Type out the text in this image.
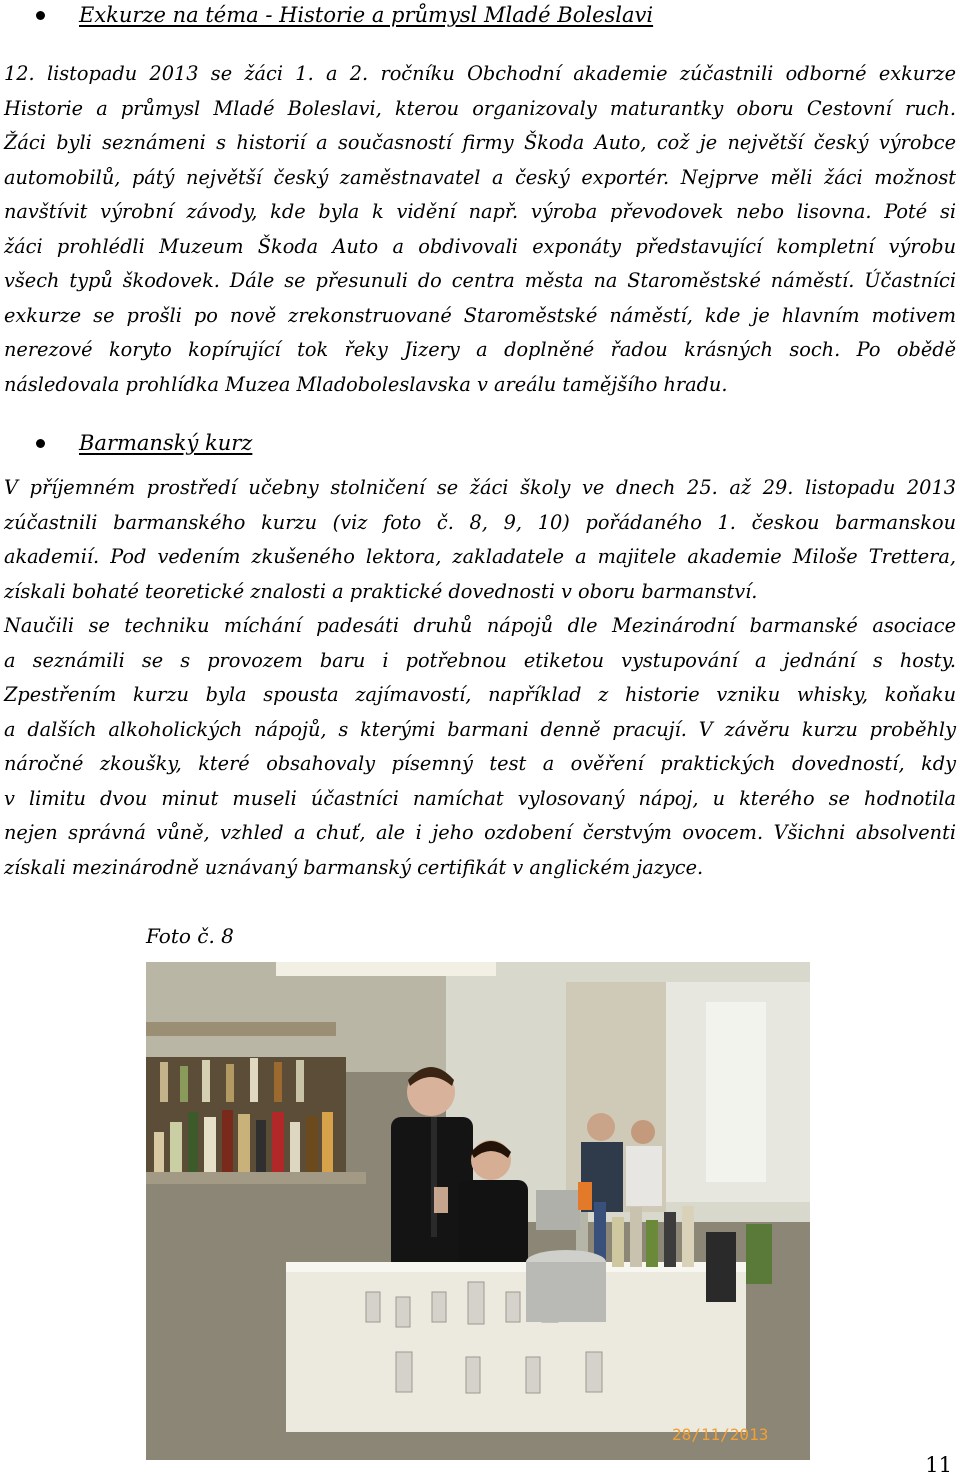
Exkurze na téma - Historie a průmysl Mladé Boleslavi
12. listopadu 2013 se žáci 1. a 2. ročníku Obchodní akademie zúčastnili odborné exkurze
Historie a průmysl Mladé Boleslavi, kterou organizovaly maturantky oboru Cestovní ruch.
Žáci byli seznámeni s historií a současností firmy Škoda Auto, což je největší český výrobce
automobilů, pátý největší český zaměstnavatel a český exportér. Nejprve měli žáci možnost
navštívit výrobní závody, kde byla k vidění např. výroba převodovek nebo lisovna. Poté si
žáci prohlédli Muzeum Škoda Auto a obdivovali exponáty představující kompletní výrobu
všech typů škodovek. Dále se přesunuli do centra města na Staroměstské náměstí. Účastníci
exkurze se prošli po nově zrekonstruované Staroměstské náměstí, kde je hlavním motivem
nerezové koryto kopírující tok řeky Jizery a doplněné řadou krásných soch. Po obědě
následovala prohlídka Muzea Mladoboleslavska v areálu tamějšího hradu.
Barmanský kurz
V příjemném prostředí učebny stolničení se žáci školy ve dnech 25. až 29. listopadu 2013
zúčastnili barmanského kurzu (viz foto č. 8, 9, 10) pořádaného 1. českou barmanskou
akademií. Pod vedením zkušeného lektora, zakladatele a majitele akademie Miloše Trettera,
získali bohaté teoretické znalosti a praktické dovednosti v oboru barmanství.
Naučili se techniku míchání padesáti druhů nápojů dle Mezinárodní barmanské asociace
a seznámili se s provozem baru i potřebnou etiketou vystupování a jednání s hosty.
Zpestřením kurzu byla spousta zajímavostí, například z historie vzniku whisky, koňaku
a dalších alkoholických nápojů, s kterými barmani denně pracují. V závěru kurzu proběhly
náročné zkoušky, které obsahovaly písemný test a ověření praktických dovedností, kdy
v limitu dvou minut museli účastníci namíchat vylosovaný nápoj, u kterého se hodnotila
nejen správná vůně, vzhled a chuť, ale i jeho ozdobení čerstvým ovocem. Všichni absolventi
získali mezinárodně uznávaný barmanský certifikát v anglickém jazyce.
Foto č. 8
28/11/2013
11
